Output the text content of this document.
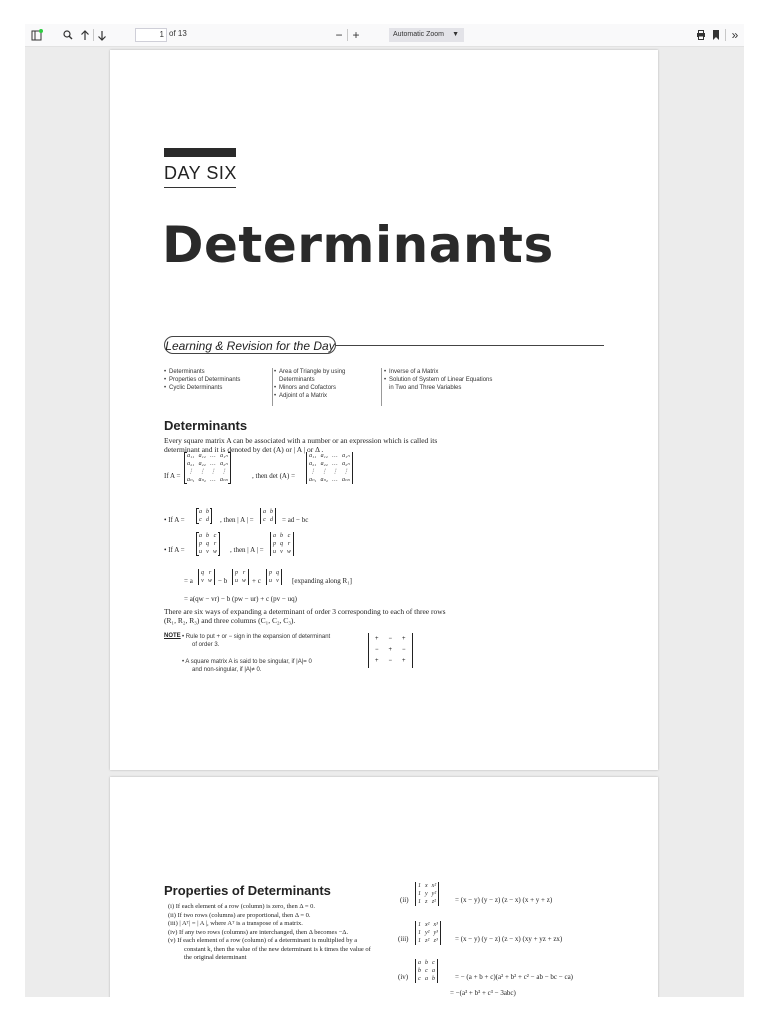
1 of 13	− +	Automatic Zoom ▼	»
DAY SIX
Determinants
Learning & Revision for the Day
• Determinants
• Properties of Determinants
• Cyclic Determinants
• Area of Triangle by using Determinants
• Minors and Cofactors
• Adjoint of a Matrix
• Inverse of a Matrix
• Solution of System of Linear Equations in Two and Three Variables
Determinants
Every square matrix A can be associated with a number or an expression which is called its
determinant and it is denoted by det (A) or | A | or Δ .
If A =
a₁₁	a₁₂	…	a₁ₙ
a₂₁	a₂₂	…	a₂ₙ
⋮	⋮	⋮	⋮
aₙ₁	aₙ₂	…	aₙₙ	, then det (A) =
a₁₁	a₁₂	…	a₁ₙ
a₂₁	a₂₂	…	a₂ₙ
⋮	⋮	⋮	⋮
aₙ₁	aₙ₂	…	aₙₙ
• If A =
a	b
c	d , then | A | =
a	b
c	d = ad − bc
• If A =
a	b	c
p	q	r
u	v	w , then | A | =
a	b	c
p	q	r
u	v	w
= a
q	r
v	w − b
p	r
u	w + c
p	q
u	v [expanding along R₁]
= a(qw − vr) − b (pw − ur) + c (pv − uq)
There are six ways of expanding a determinant of order 3 corresponding to each of three rows
(R₁, R₂, R₃) and three columns (C₁, C₂, C₃).
NOTE • Rule to put + or − sign in the expansion of determinant
of order 3.
• A square matrix A is said to be singular, if |A|= 0
and non-singular, if |A|≠ 0.
+	−	+
−	+	−
+	−	+
Properties of Determinants
(i) If each element of a row (column) is zero, then Δ = 0.
(ii) If two rows (columns) are proportional, then Δ = 0.
(iii) | Aᵀ| = | A |, where Aᵀ is a transpose of a matrix.
(iv) If any two rows (columns) are interchanged, then Δ becomes −Δ.
(v) If each element of a row (column) of a determinant is multiplied by a constant k, then the value of the new determinant is k times the value of the original determinant
(ii)
1	x	x²
1	y	y²
1	z	z²	= (x − y) (y − z) (z − x) (x + y + z)
(iii)
1	x²	x³
1	y²	y³
1	z²	z³ = (x − y) (y − z) (z − x) (xy + yz + zx)
(iv)
a	b	c
b	c	a
c	a	b	= − (a + b + c)(a² + b² + c² − ab − bc − ca)
= −(a³ + b³ + c³ − 3abc)
